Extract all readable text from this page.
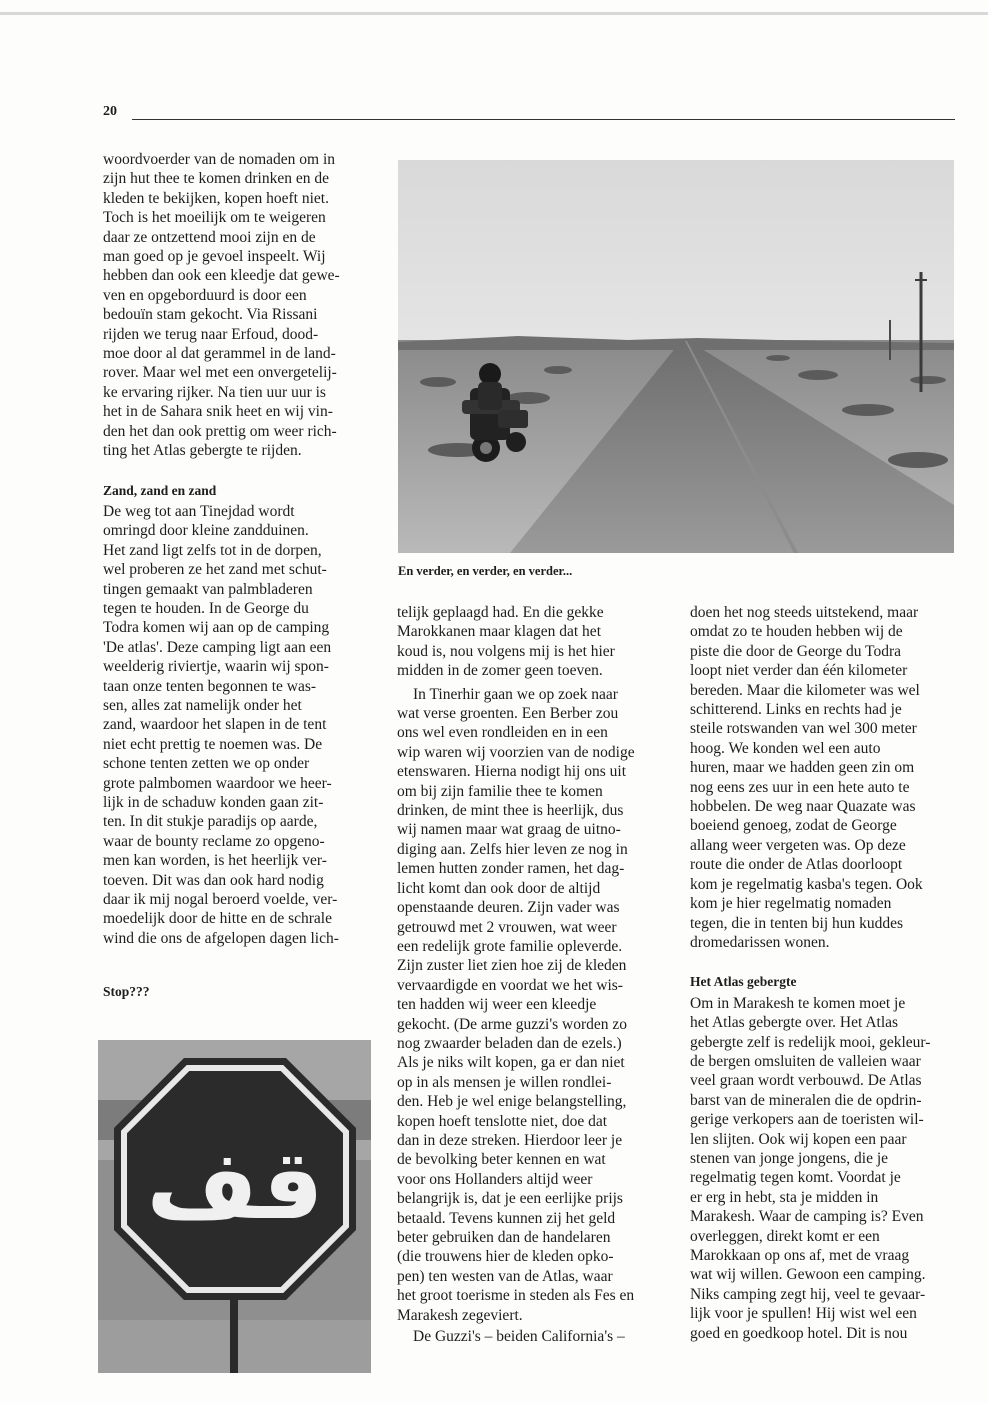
20

woordvoerder van de nomaden om in
zijn hut thee te komen drinken en de
kleden te bekijken, kopen hoeft niet.
Toch is het moeilijk om te weigeren
daar ze ontzettend mooi zijn en de
man goed op je gevoel inspeelt. Wij
hebben dan ook een kleedje dat gewe-
ven en opgeborduurd is door een
bedouïn stam gekocht. Via Rissani
rijden we terug naar Erfoud, dood-
moe door al dat gerammel in de land-
rover. Maar wel met een onvergetelij-
ke ervaring rijker. Na tien uur uur is
het in de Sahara snik heet en wij vin-
den het dan ook prettig om weer rich-
ting het Atlas gebergte te rijden.

Zand, zand en zand

De weg tot aan Tinejdad wordt
omringd door kleine zandduinen.
Het zand ligt zelfs tot in de dorpen,
wel proberen ze het zand met schut-
tingen gemaakt van palmbladeren
tegen te houden. In de George du
Todra komen wij aan op de camping
'De atlas'. Deze camping ligt aan een
weelderig riviertje, waarin wij spon-
taan onze tenten begonnen te was-
sen, alles zat namelijk onder het
zand, waardoor het slapen in de tent
niet echt prettig te noemen was. De
schone tenten zetten we op onder
grote palmbomen waardoor we heer-
lijk in de schaduw konden gaan zit-
ten. In dit stukje paradijs op aarde,
waar de bounty reclame zo opgeno-
men kan worden, is het heerlijk ver-
toeven. Dit was dan ook hard nodig
daar ik mij nogal beroerd voelde, ver-
moedelijk door de hitte en de schrale
wind die ons de afgelopen dagen lich-

Stop???

En verder, en verder, en verder...
قف

telijk geplaagd had. En die gekke
Marokkanen maar klagen dat het
koud is, nou volgens mij is het hier
midden in de zomer geen toeven.

In Tinerhir gaan we op zoek naar
wat verse groenten. Een Berber zou
ons wel even rondleiden en in een
wip waren wij voorzien van de nodige
etenswaren. Hierna nodigt hij ons uit
om bij zijn familie thee te komen
drinken, de mint thee is heerlijk, dus
wij namen maar wat graag de uitno-
diging aan. Zelfs hier leven ze nog in
lemen hutten zonder ramen, het dag-
licht komt dan ook door de altijd
openstaande deuren. Zijn vader was
getrouwd met 2 vrouwen, wat weer
een redelijk grote familie opleverde.
Zijn zuster liet zien hoe zij de kleden
vervaardigde en voordat we het wis-
ten hadden wij weer een kleedje
gekocht. (De arme guzzi's worden zo
nog zwaarder beladen dan de ezels.)
Als je niks wilt kopen, ga er dan niet
op in als mensen je willen rondlei-
den. Heb je wel enige belangstelling,
kopen hoeft tenslotte niet, doe dat
dan in deze streken. Hierdoor leer je
de bevolking beter kennen en wat
voor ons Hollanders altijd weer
belangrijk is, dat je een eerlijke prijs
betaald. Tevens kunnen zij het geld
beter gebruiken dan de handelaren
(die trouwens hier de kleden opko-
pen) ten westen van de Atlas, waar
het groot toerisme in steden als Fes en
Marakesh zegeviert.

De Guzzi's – beiden California's –

doen het nog steeds uitstekend, maar
omdat zo te houden hebben wij de
piste die door de George du Todra
loopt niet verder dan één kilometer
bereden. Maar die kilometer was wel
schitterend. Links en rechts had je
steile rotswanden van wel 300 meter
hoog. We konden wel een auto
huren, maar we hadden geen zin om
nog eens zes uur in een hete auto te
hobbelen. De weg naar Quazate was
boeiend genoeg, zodat de George
allang weer vergeten was. Op deze
route die onder de Atlas doorloopt
kom je regelmatig kasba's tegen. Ook
kom je hier regelmatig nomaden
tegen, die in tenten bij hun kuddes
dromedarissen wonen.

Het Atlas gebergte

Om in Marakesh te komen moet je
het Atlas gebergte over. Het Atlas
gebergte zelf is redelijk mooi, gekleur-
de bergen omsluiten de valleien waar
veel graan wordt verbouwd. De Atlas
barst van de mineralen die de opdrin-
gerige verkopers aan de toeristen wil-
len slijten. Ook wij kopen een paar
stenen van jonge jongens, die je
regelmatig tegen komt. Voordat je
er erg in hebt, sta je midden in
Marakesh. Waar de camping is? Even
overleggen, direkt komt er een
Marokkaan op ons af, met de vraag
wat wij willen. Gewoon een camping.
Niks camping zegt hij, veel te gevaar-
lijk voor je spullen! Hij wist wel een
goed en goedkoop hotel. Dit is nou
